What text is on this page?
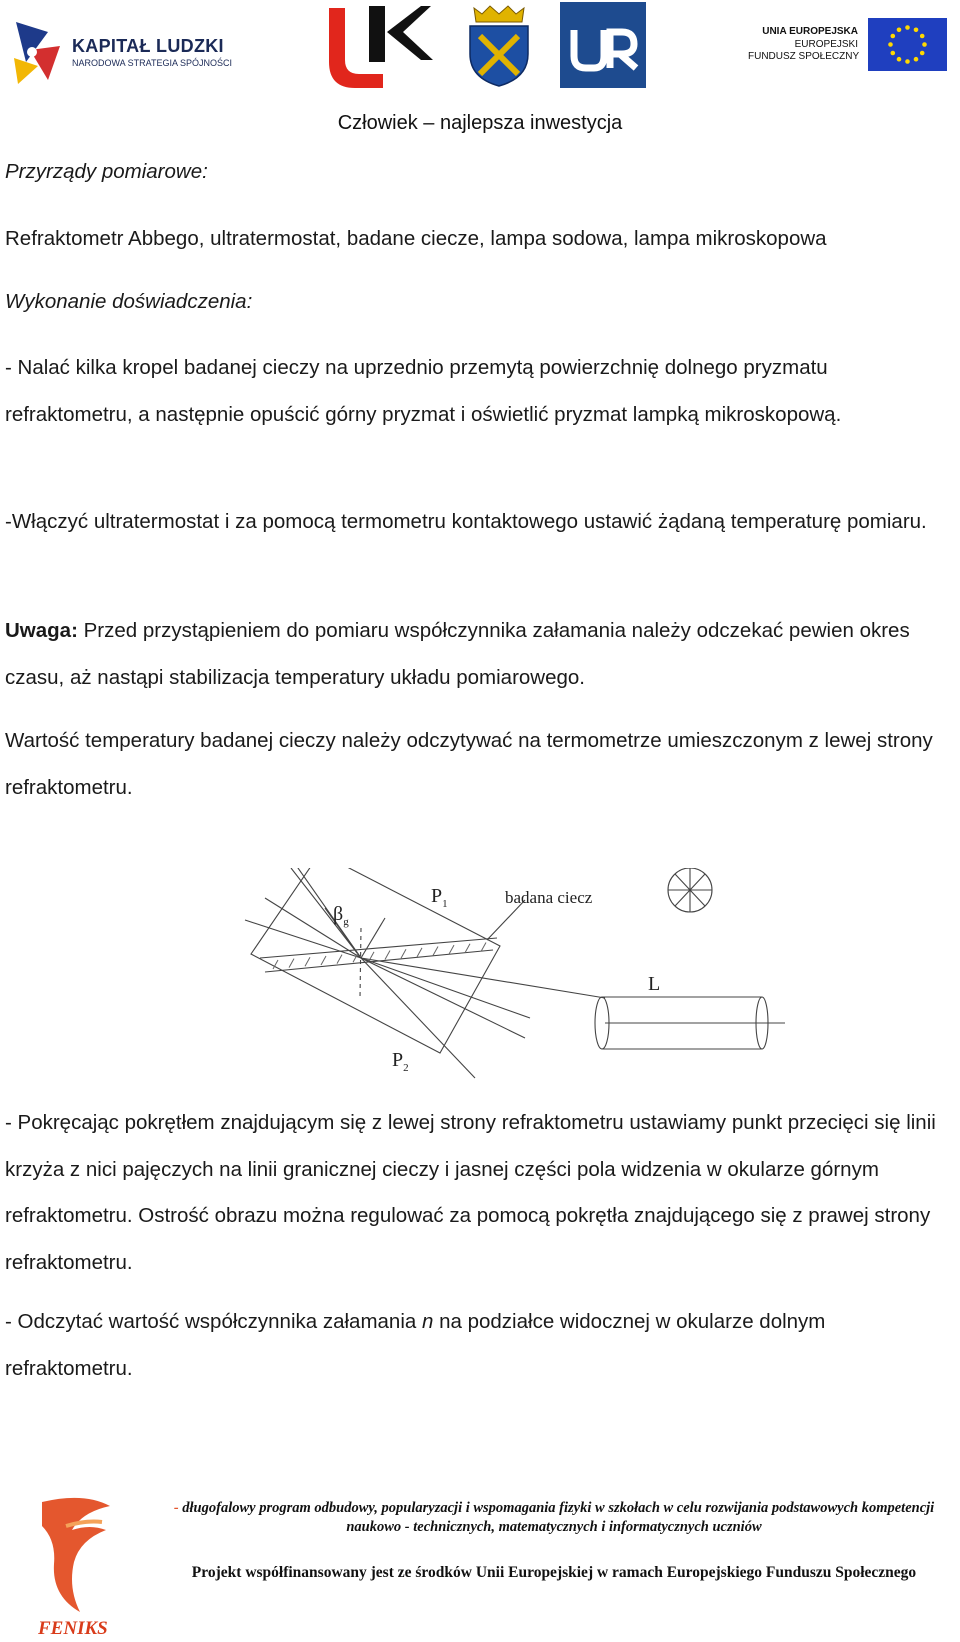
KAPITAŁ LUDZKI
NARODOWA STRATEGIA SPÓJNOŚCI
UNIA EUROPEJSKA
EUROPEJSKI
FUNDUSZ SPOŁECZNY
Człowiek – najlepsza inwestycja
Przyrządy pomiarowe:
Refraktometr Abbego, ultratermostat, badane ciecze, lampa sodowa, lampa mikroskopowa
Wykonanie doświadczenia:
- Nalać kilka kropel badanej cieczy na uprzednio przemytą powierzchnię dolnego pryzmatu refraktometru, a następnie opuścić górny pryzmat i oświetlić pryzmat lampką mikroskopową.
-Włączyć ultratermostat i za pomocą termometru kontaktowego ustawić żądaną temperaturę pomiaru.
Uwaga: Przed przystąpieniem do pomiaru współczynnika załamania należy odczekać pewien okres czasu, aż nastąpi stabilizacja temperatury układu pomiarowego.
Wartość temperatury badanej cieczy należy odczytywać na termometrze umieszczonym z lewej strony refraktometru.
$\beta_g$
$P_1$	badana ciecz
L
$P_2$
- Pokręcając pokrętłem znajdującym się z lewej strony refraktometru ustawiamy punkt przecięci się linii krzyża z nici pajęczych na linii granicznej cieczy i jasnej części pola widzenia w okularze górnym refraktometru. Ostrość obrazu można regulować za pomocą pokrętła znajdującego się z prawej strony refraktometru.
- Odczytać wartość współczynnika załamania n na podziałce widocznej w okularze dolnym refraktometru.
FENIKS
- długofalowy program odbudowy, popularyzacji i wspomagania fizyki w szkołach w celu rozwijania podstawowych kompetencji naukowo - technicznych, matematycznych i informatycznych uczniów
Projekt współfinansowany jest ze środków Unii Europejskiej w ramach Europejskiego Funduszu Społecznego
